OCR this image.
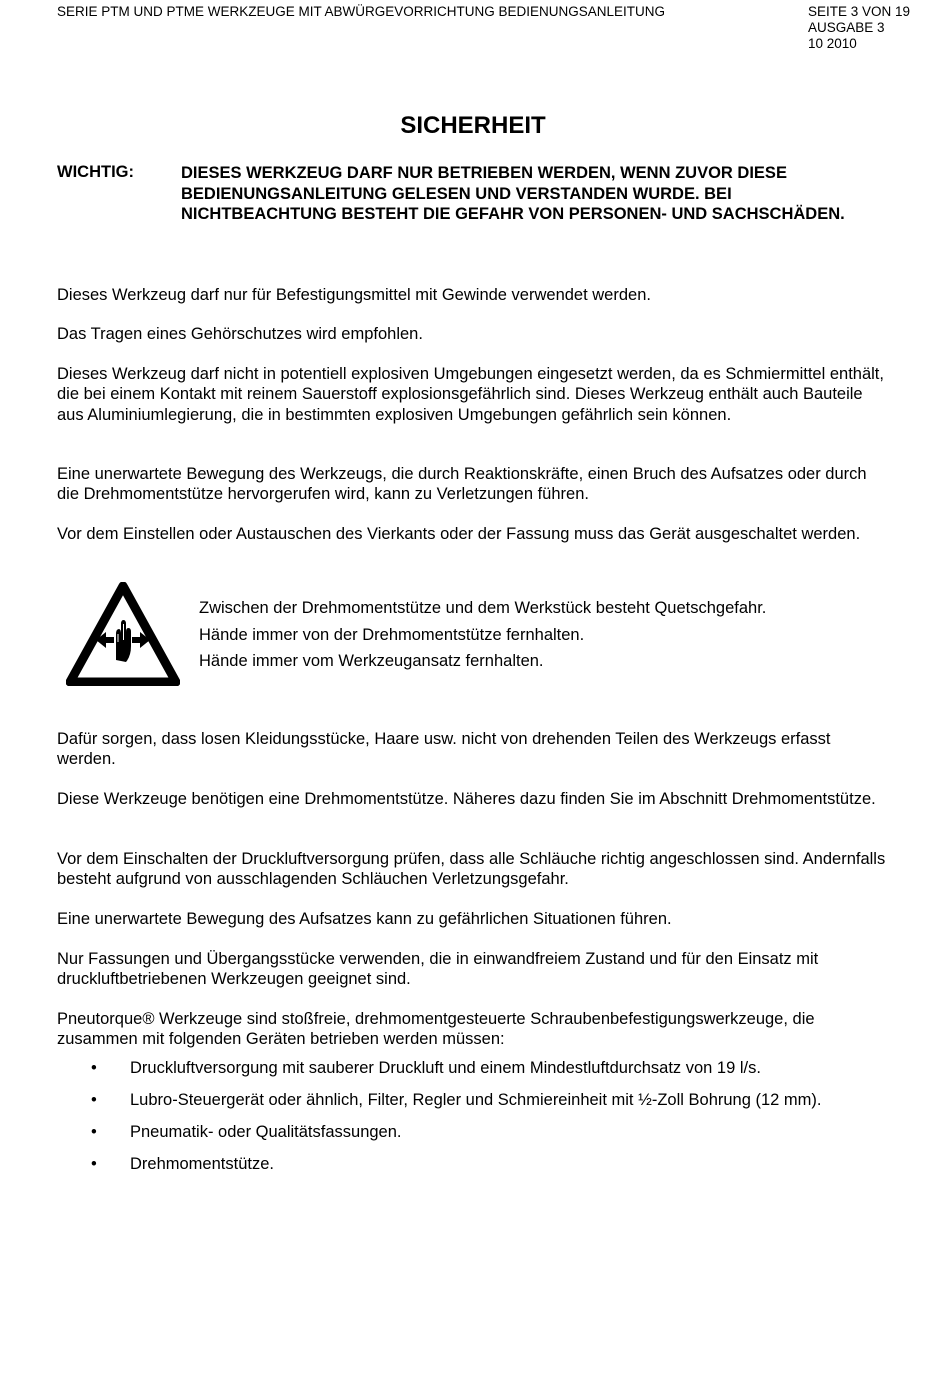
SERIE PTM UND PTME WERKZEUGE MIT ABWÜRGEVORRICHTUNG BEDIENUNGSANLEITUNG	SEITE 3 VON 19
AUSGABE 3
10 2010
SICHERHEIT
WICHTIG:	DIESES WERKZEUG DARF NUR BETRIEBEN WERDEN, WENN ZUVOR DIESE BEDIENUNGSANLEITUNG GELESEN UND VERSTANDEN WURDE. BEI NICHTBEACHTUNG BESTEHT DIE GEFAHR VON PERSONEN- UND SACHSCHÄDEN.
Dieses Werkzeug darf nur für Befestigungsmittel mit Gewinde verwendet werden.
Das Tragen eines Gehörschutzes wird empfohlen.
Dieses Werkzeug darf nicht in potentiell explosiven Umgebungen eingesetzt werden, da es Schmiermittel enthält, die bei einem Kontakt mit reinem Sauerstoff explosionsgefährlich sind. Dieses Werkzeug enthält auch Bauteile aus Aluminiumlegierung, die in bestimmten explosiven Umgebungen gefährlich sein können.
Eine unerwartete Bewegung des Werkzeugs, die durch Reaktionskräfte, einen Bruch des Aufsatzes oder durch die Drehmomentstütze hervorgerufen wird, kann zu Verletzungen führen.
Vor dem Einstellen oder Austauschen des Vierkants oder der Fassung muss das Gerät ausgeschaltet werden.
Zwischen der Drehmomentstütze und dem Werkstück besteht Quetschgefahr.
Hände immer von der Drehmomentstütze fernhalten.
Hände immer vom Werkzeugansatz fernhalten.
Dafür sorgen, dass losen Kleidungsstücke, Haare usw. nicht von drehenden Teilen des Werkzeugs erfasst werden.
Diese Werkzeuge benötigen eine Drehmomentstütze. Näheres dazu finden Sie im Abschnitt Drehmomentstütze.
Vor dem Einschalten der Druckluftversorgung prüfen, dass alle Schläuche richtig angeschlossen sind. Andernfalls besteht aufgrund von ausschlagenden Schläuchen Verletzungsgefahr.
Eine unerwartete Bewegung des Aufsatzes kann zu gefährlichen Situationen führen.
Nur Fassungen und Übergangsstücke verwenden, die in einwandfreiem Zustand und für den Einsatz mit druckluftbetriebenen Werkzeugen geeignet sind.
Pneutorque® Werkzeuge sind stoßfreie, drehmomentgesteuerte Schraubenbefestigungswerkzeuge, die zusammen mit folgenden Geräten betrieben werden müssen:
• Druckluftversorgung mit sauberer Druckluft und einem Mindestluftdurchsatz von 19 l/s.
• Lubro-Steuergerät oder ähnlich, Filter, Regler und Schmiereinheit mit ½-Zoll Bohrung (12 mm).
• Pneumatik- oder Qualitätsfassungen.
• Drehmomentstütze.
